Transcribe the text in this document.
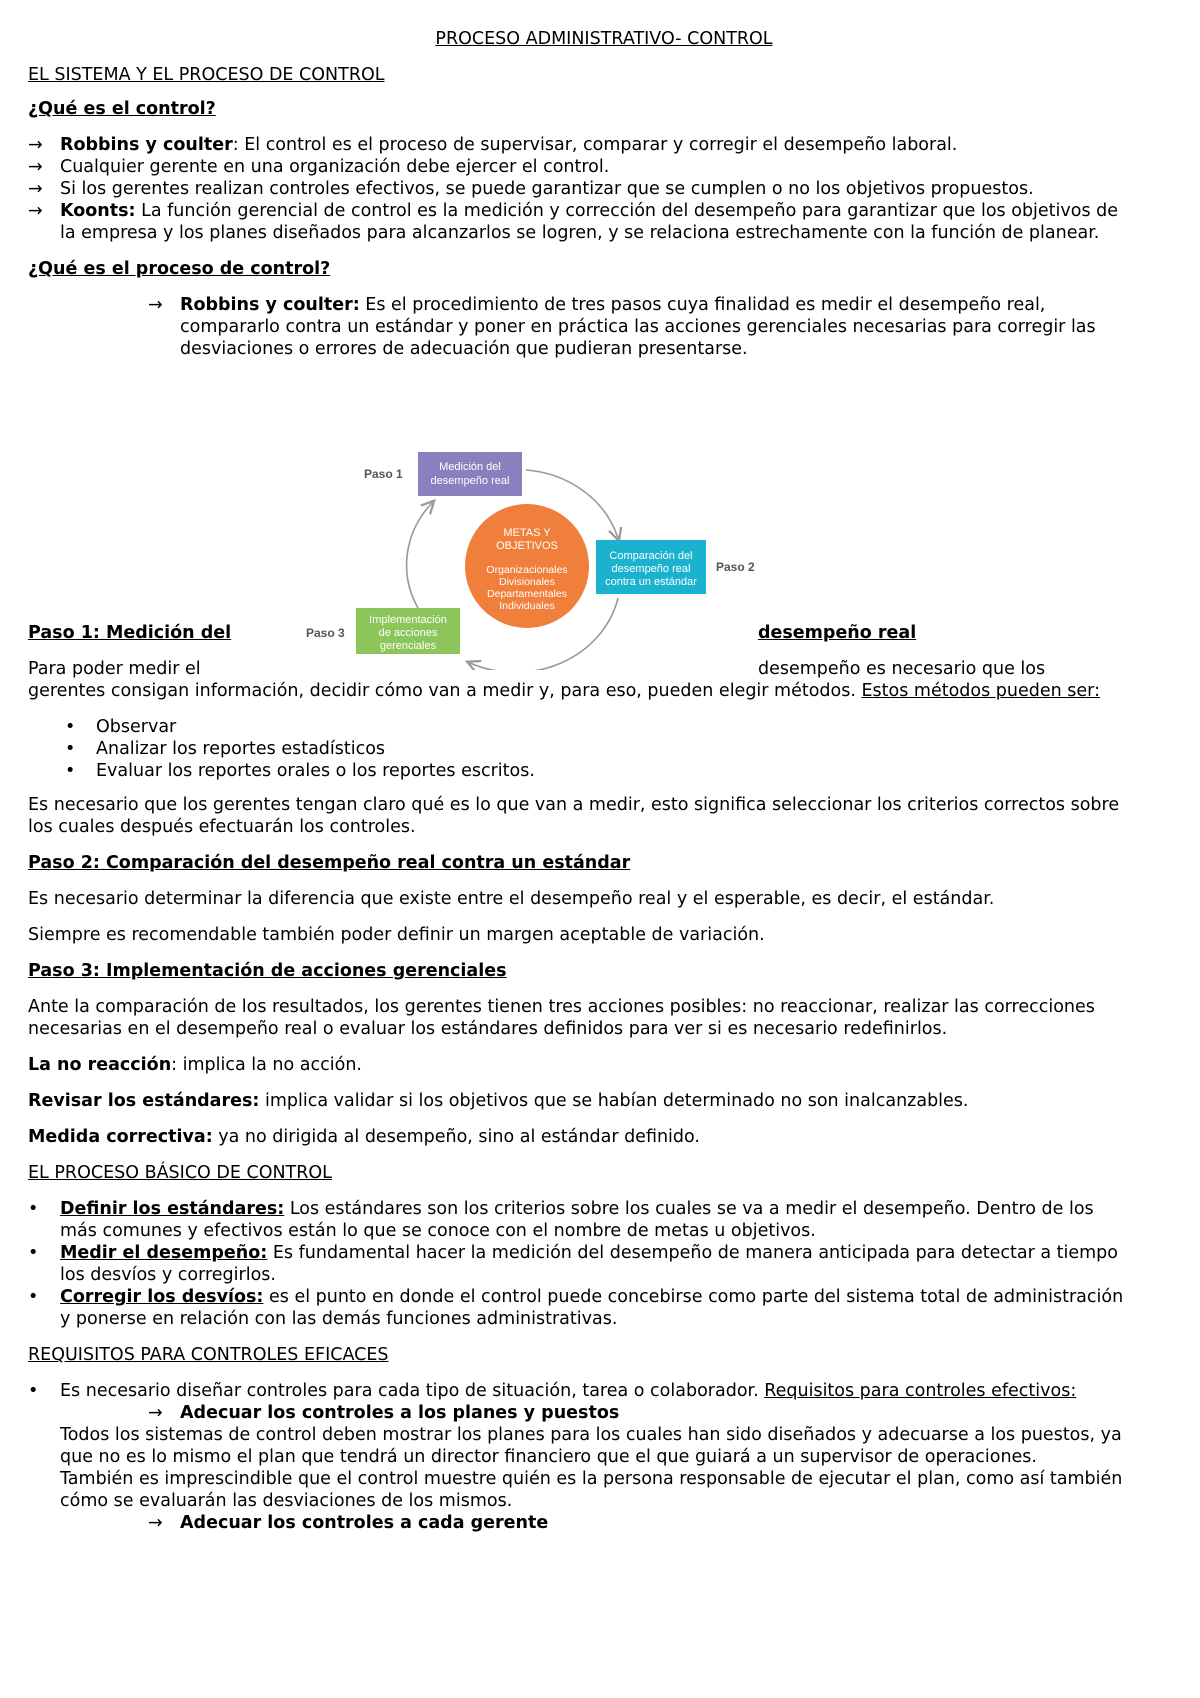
PROCESO ADMINISTRATIVO- CONTROL
EL SISTEMA Y EL PROCESO DE CONTROL
¿Qué es el control?
→ Robbins y coulter: El control es el proceso de supervisar, comparar y corregir el desempeño laboral.
→ Cualquier gerente en una organización debe ejercer el control.
→ Si los gerentes realizan controles efectivos, se puede garantizar que se cumplen o no los objetivos propuestos.
→ Koonts: La función gerencial de control es la medición y corrección del desempeño para garantizar que los objetivos de
la empresa y los planes diseñados para alcanzarlos se logren, y se relaciona estrechamente con la función de planear.
¿Qué es el proceso de control?
→ Robbins y coulter: Es el procedimiento de tres pasos cuya finalidad es medir el desempeño real,
compararlo contra un estándar y poner en práctica las acciones gerenciales necesarias para corregir las
desviaciones o errores de adecuación que pudieran presentarse.
Medición del
desempeño real
Paso 1
Comparación del
desempeño real
contra un estándar
Paso 2
METAS Y
OBJETIVOS
Organizacionales
Divisionales
Departamentales
Individuales
Implementación
de acciones
gerenciales
Paso 3
Paso 1: Medición del	desempeño real
Para poder medir el	desempeño es necesario que los
gerentes consigan información, decidir cómo van a medir y, para eso, pueden elegir métodos. Estos métodos pueden ser:
• Observar
• Analizar los reportes estadísticos
• Evaluar los reportes orales o los reportes escritos.
Es necesario que los gerentes tengan claro qué es lo que van a medir, esto significa seleccionar los criterios correctos sobre
los cuales después efectuarán los controles.
Paso 2: Comparación del desempeño real contra un estándar
Es necesario determinar la diferencia que existe entre el desempeño real y el esperable, es decir, el estándar.
Siempre es recomendable también poder definir un margen aceptable de variación.
Paso 3: Implementación de acciones gerenciales
Ante la comparación de los resultados, los gerentes tienen tres acciones posibles: no reaccionar, realizar las correcciones
necesarias en el desempeño real o evaluar los estándares definidos para ver si es necesario redefinirlos.
La no reacción: implica la no acción.
Revisar los estándares: implica validar si los objetivos que se habían determinado no son inalcanzables.
Medida correctiva: ya no dirigida al desempeño, sino al estándar definido.
EL PROCESO BÁSICO DE CONTROL
• Definir los estándares: Los estándares son los criterios sobre los cuales se va a medir el desempeño. Dentro de los
más comunes y efectivos están lo que se conoce con el nombre de metas u objetivos.
• Medir el desempeño: Es fundamental hacer la medición del desempeño de manera anticipada para detectar a tiempo
los desvíos y corregirlos.
• Corregir los desvíos: es el punto en donde el control puede concebirse como parte del sistema total de administración
y ponerse en relación con las demás funciones administrativas.
REQUISITOS PARA CONTROLES EFICACES
• Es necesario diseñar controles para cada tipo de situación, tarea o colaborador. Requisitos para controles efectivos:
→ Adecuar los controles a los planes y puestos
Todos los sistemas de control deben mostrar los planes para los cuales han sido diseñados y adecuarse a los puestos, ya
que no es lo mismo el plan que tendrá un director financiero que el que guiará a un supervisor de operaciones.
También es imprescindible que el control muestre quién es la persona responsable de ejecutar el plan, como así también
cómo se evaluarán las desviaciones de los mismos.
→ Adecuar los controles a cada gerente
